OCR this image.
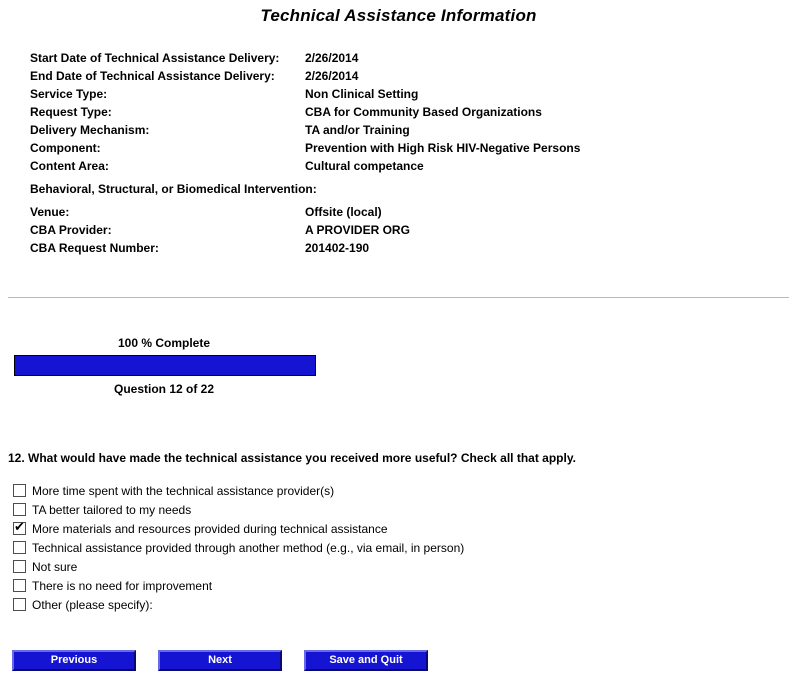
Technical Assistance Information
Start Date of Technical Assistance Delivery:	2/26/2014
End Date of Technical Assistance Delivery:	2/26/2014
Service Type:	Non Clinical Setting
Request Type:	CBA for Community Based Organizations
Delivery Mechanism:	TA and/or Training
Component:	Prevention with High Risk HIV-Negative Persons
Content Area:	Cultural competance
Behavioral, Structural, or Biomedical Intervention:
Venue:	Offsite (local)
CBA Provider:	A PROVIDER ORG
CBA Request Number:	201402-190
100 % Complete
Question 12 of 22
12. What would have made the technical assistance you received more useful? Check all that apply.
More time spent with the technical assistance provider(s)
TA better tailored to my needs
✔
More materials and resources provided during technical assistance
Technical assistance provided through another method (e.g., via email, in person)
Not sure
There is no need for improvement
Other (please specify):
Previous	Next	Save and Quit
